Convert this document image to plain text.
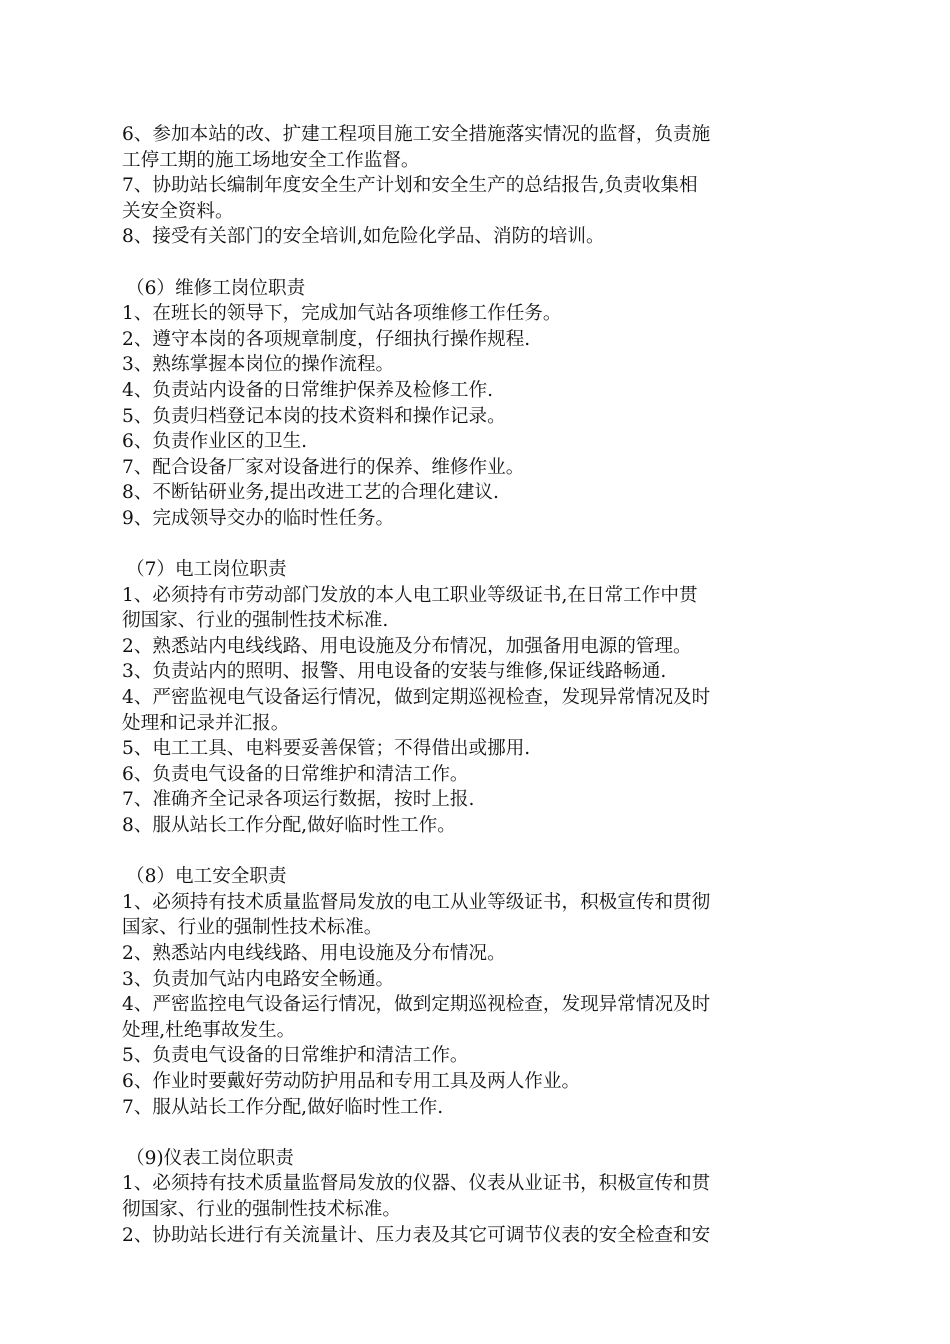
6、参加本站的改、扩建工程项目施工安全措施落实情况的监督，负责施
工停工期的施工场地安全工作监督。
7、协助站长编制年度安全生产计划和安全生产的总结报告,负责收集相
关安全资料。
8、接受有关部门的安全培训,如危险化学品、消防的培训。
（6）维修工岗位职责
1、在班长的领导下，完成加气站各项维修工作任务。
2、遵守本岗的各项规章制度，仔细执行操作规程.
3、熟练掌握本岗位的操作流程。
4、负责站内设备的日常维护保养及检修工作.
5、负责归档登记本岗的技术资料和操作记录。
6、负责作业区的卫生.
7、配合设备厂家对设备进行的保养、维修作业。
8、不断钻研业务,提出改进工艺的合理化建议.
9、完成领导交办的临时性任务。
（7）电工岗位职责
1、必须持有市劳动部门发放的本人电工职业等级证书,在日常工作中贯
彻国家、行业的强制性技术标准.
2、熟悉站内电线线路、用电设施及分布情况，加强备用电源的管理。
3、负责站内的照明、报警、用电设备的安装与维修,保证线路畅通.
4、严密监视电气设备运行情况，做到定期巡视检查，发现异常情况及时
处理和记录并汇报。
5、电工工具、电料要妥善保管；不得借出或挪用.
6、负责电气设备的日常维护和清洁工作。
7、准确齐全记录各项运行数据，按时上报.
8、服从站长工作分配,做好临时性工作。
（8）电工安全职责
1、必须持有技术质量监督局发放的电工从业等级证书，积极宣传和贯彻
国家、行业的强制性技术标准。
2、熟悉站内电线线路、用电设施及分布情况。
3、负责加气站内电路安全畅通。
4、严密监控电气设备运行情况，做到定期巡视检查，发现异常情况及时
处理,杜绝事故发生。
5、负责电气设备的日常维护和清洁工作。
6、作业时要戴好劳动防护用品和专用工具及两人作业。
7、服从站长工作分配,做好临时性工作.
（9)仪表工岗位职责
1、必须持有技术质量监督局发放的仪器、仪表从业证书，积极宣传和贯
彻国家、行业的强制性技术标准。
2、协助站长进行有关流量计、压力表及其它可调节仪表的安全检查和安
